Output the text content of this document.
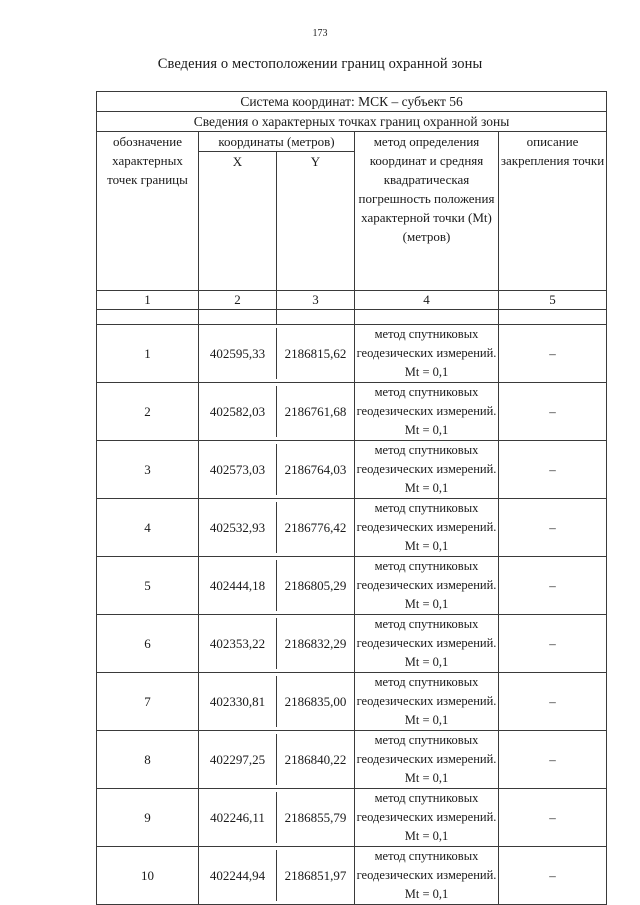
173
Сведения о местоположении границ охранной зоны
Система координат: МСК – субъект 56			
Сведения о характерных точках границ охранной зоны			
обозначение характерных точек границы	координаты (метров)
X Y	метод определения координат и средняя квадратическая погрешность положения характерной точки (Mt) (метров)	описание закрепления точки
1	2 3	4	5

1	402595,33 2186815,62	метод спутниковых геодезических измерений. Mt = 0,1	–
2	402582,03 2186761,68	метод спутниковых геодезических измерений. Mt = 0,1	–
3	402573,03 2186764,03	метод спутниковых геодезических измерений. Mt = 0,1	–
4	402532,93 2186776,42	метод спутниковых геодезических измерений. Mt = 0,1	–
5	402444,18 2186805,29	метод спутниковых геодезических измерений. Mt = 0,1	–
6	402353,22 2186832,29	метод спутниковых геодезических измерений. Mt = 0,1	–
7	402330,81 2186835,00	метод спутниковых геодезических измерений. Mt = 0,1	–
8	402297,25 2186840,22	метод спутниковых геодезических измерений. Mt = 0,1	–
9	402246,11 2186855,79	метод спутниковых геодезических измерений. Mt = 0,1	–
10	402244,94 2186851,97	метод спутниковых геодезических измерений. Mt = 0,1	–
